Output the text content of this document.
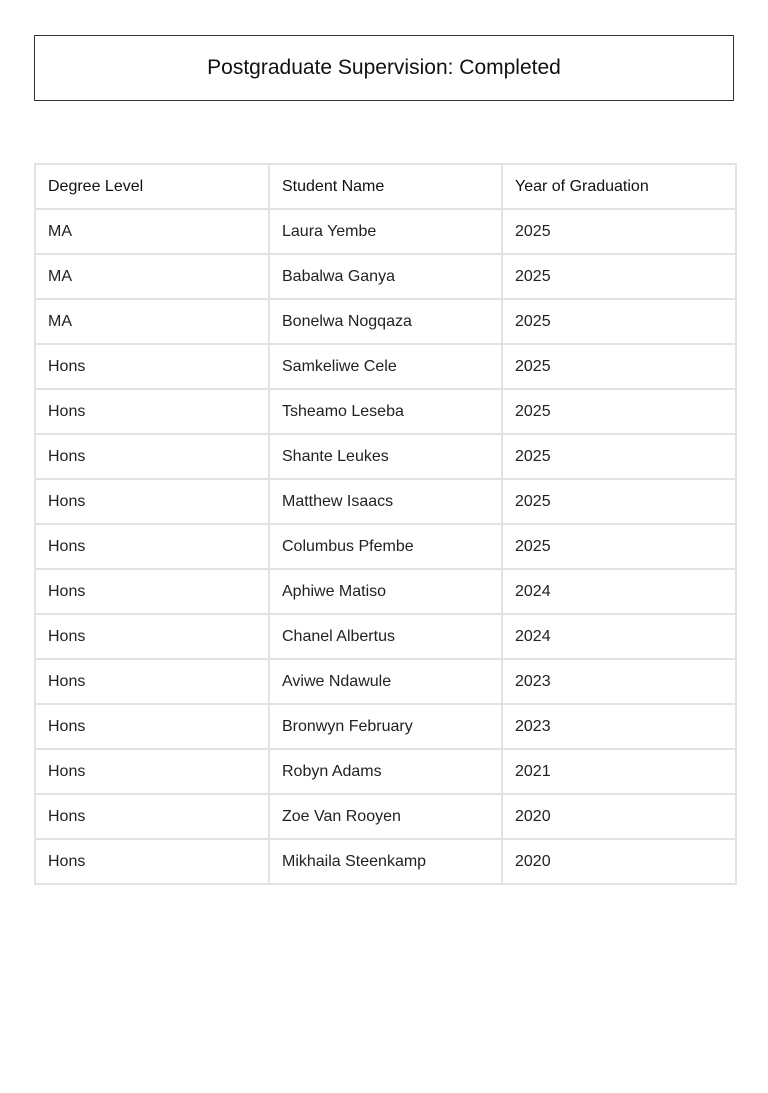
Postgraduate Supervision: Completed
Degree Level	Student Name	Year of Graduation
MA	Laura Yembe	2025
MA	Babalwa Ganya	2025
MA	Bonelwa Nogqaza	2025
Hons	Samkeliwe Cele	2025
Hons	Tsheamo Leseba	2025
Hons	Shante Leukes	2025
Hons	Matthew Isaacs	2025
Hons	Columbus Pfembe	2025
Hons	Aphiwe Matiso	2024
Hons	Chanel Albertus	2024
Hons	Aviwe Ndawule	2023
Hons	Bronwyn February	2023
Hons	Robyn Adams	2021
Hons	Zoe Van Rooyen	2020
Hons	Mikhaila Steenkamp	2020
